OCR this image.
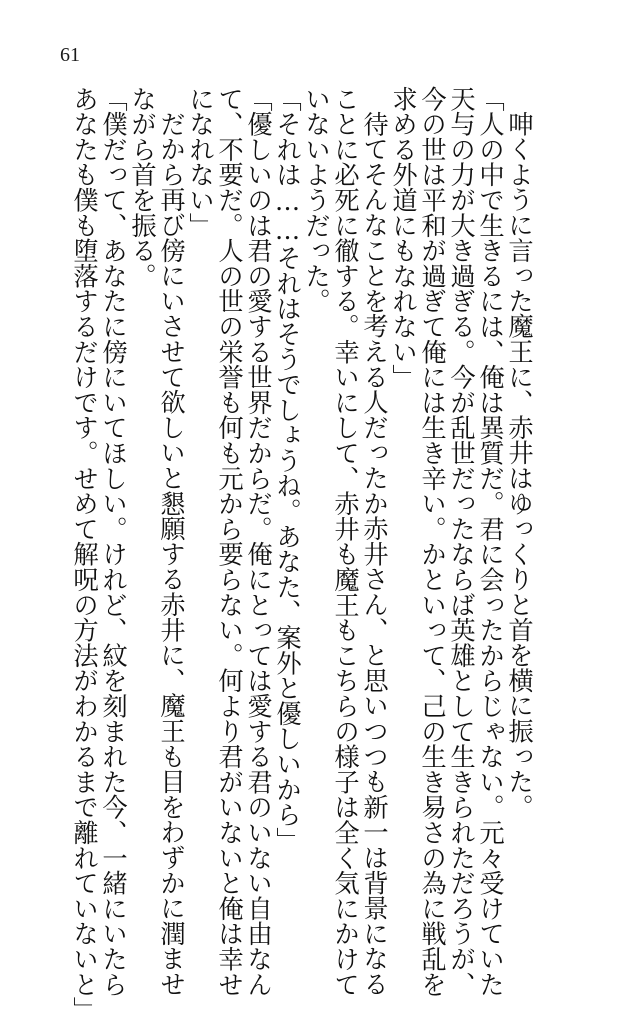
61
呻くように言った魔王に、赤井はゆっくりと首を横に振った。
「人の中で生きるには、俺は異質だ。君に会ったからじゃない。元々受けていた
天与の力が大き過ぎる。今が乱世だったならば英雄として生きられただろうが、
今の世は平和が過ぎて俺には生き辛い。かといって、己の生き易さの為に戦乱を
求める外道にもなれない」
待てそんなことを考える人だったか赤井さん、と思いつつも新一は背景になる
ことに必死に徹する。幸いにして、赤井も魔王もこちらの様子は全く気にかけて
いないようだった。
「それは……それはそうでしょうね。あなた、案外と優しいから」
「優しいのは君の愛する世界だからだ。俺にとっては愛する君のいない自由なん
て、不要だ。人の世の栄誉も何も元から要らない。何より君がいないと俺は幸せ
になれない」
だから再び傍にいさせて欲しいと懇願する赤井に、魔王も目をわずかに潤ませ
ながら首を振る。
「僕だって、あなたに傍にいてほしい。けれど、紋を刻まれた今、一緒にいたら
あなたも僕も堕落するだけです。せめて解呪の方法がわかるまで離れていないと」
